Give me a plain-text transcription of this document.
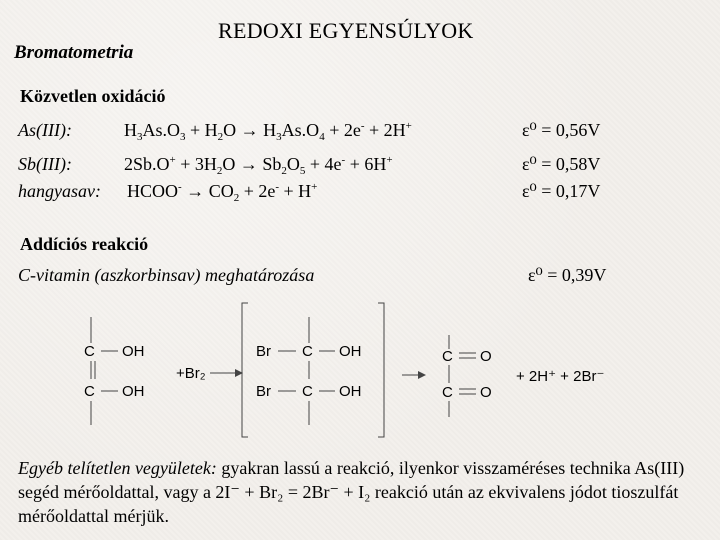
REDOXI EGYENSÚLYOK
Bromatometria
Közvetlen oxidáció
As(III):	$H_3As.O_3 + H_2O \to H_3As.O_4 + 2e^- + 2H^+$	ε⁰ = 0,56V
Sb(III):	$2Sb.O^+ + 3H_2O \to Sb_2O_5 + 4e^- + 6H^+$	ε⁰ = 0,58V
hangyasav: HCOO- → $CO_2 + 2e^- + H^+$	ε⁰ = 0,17V
Addíciós reakció
C-vitamin (aszkorbinsav) meghatározása	ε⁰ = 0,39V
C OH
C OH
+Br₂
Br C OH
Br C OH
C O
C O
+ 2H⁺ + 2Br⁻
Egyéb telítetlen vegyületek: gyakran lassú a reakció, ilyenkor visszaméréses technika As(III) segéd mérőoldattal, vagy a 2I⁻ + Br₂ = 2Br⁻ + I₂ reakció után az ekvivalens jódot tioszulfát mérőoldattal mérjük.
